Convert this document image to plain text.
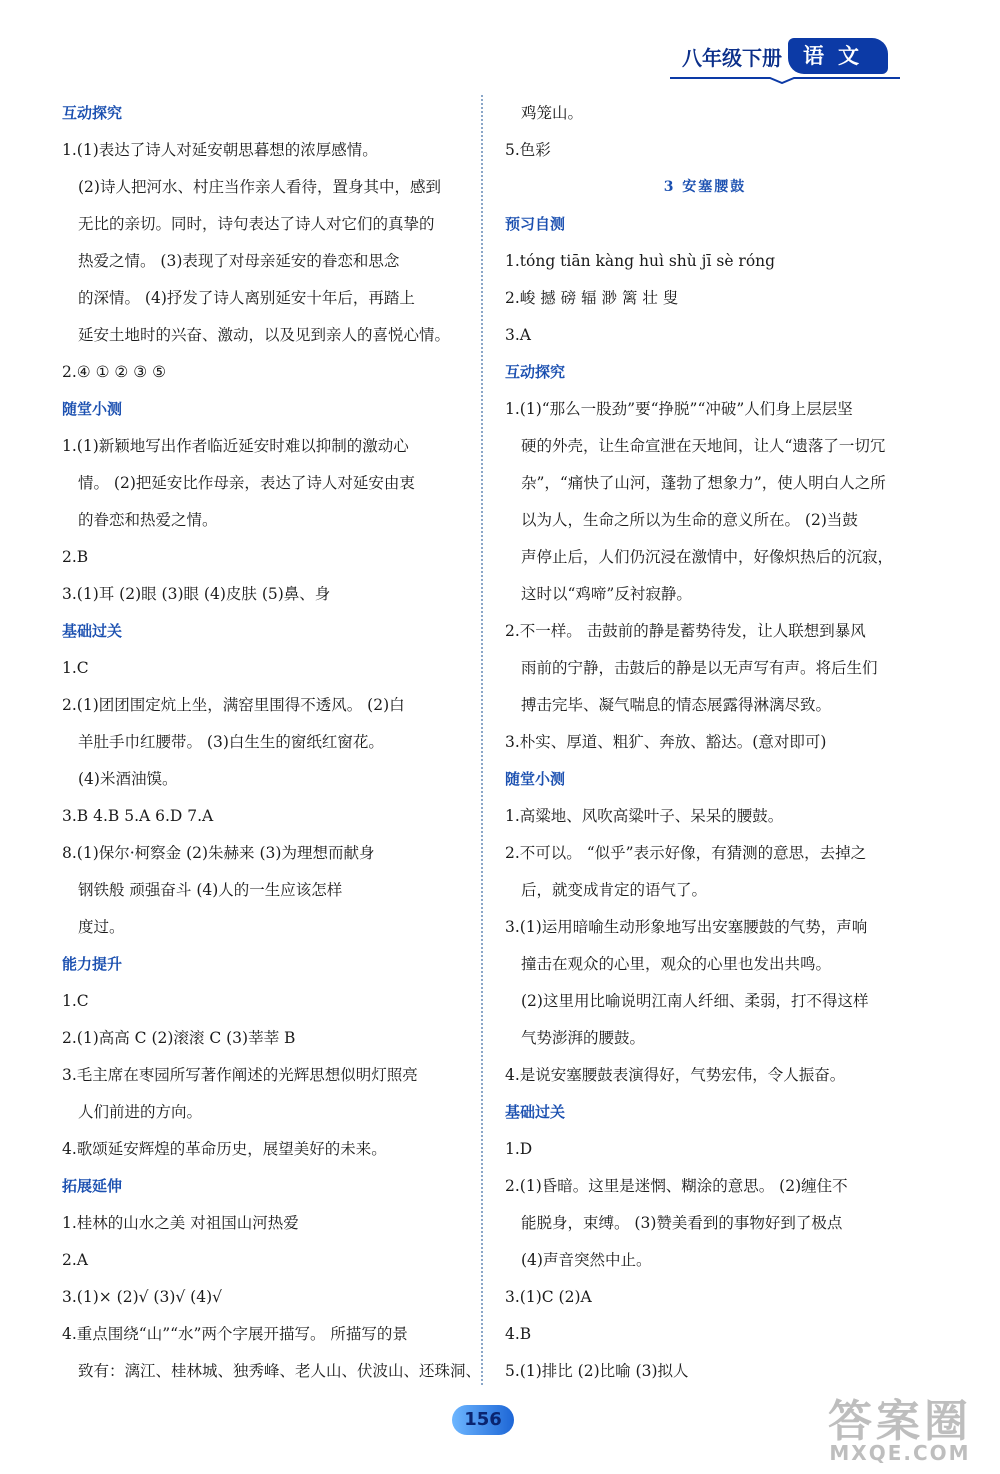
八年级下册	语文
互动探究
1.(1)表达了诗人对延安朝思暮想的浓厚感情。
(2)诗人把河水、村庄当作亲人看待，置身其中，感到
无比的亲切。同时，诗句表达了诗人对它们的真挚的
热爱之情。 (3)表现了对母亲延安的眷恋和思念
的深情。 (4)抒发了诗人离别延安十年后，再踏上
延安土地时的兴奋、激动，以及见到亲人的喜悦心情。
2.④ ① ② ③ ⑤
随堂小测
1.(1)新颖地写出作者临近延安时难以抑制的激动心
情。 (2)把延安比作母亲，表达了诗人对延安由衷
的眷恋和热爱之情。
2.B
3.(1)耳 (2)眼 (3)眼 (4)皮肤 (5)鼻、身
基础过关
1.C
2.(1)团团围定炕上坐，满窑里围得不透风。 (2)白
羊肚手巾红腰带。 (3)白生生的窗纸红窗花。
(4)米酒油馍。
3.B 4.B 5.A 6.D 7.A
8.(1)保尔·柯察金 (2)朱赫来 (3)为理想而献身
钢铁般 顽强奋斗 (4)人的一生应该怎样
度过。
能力提升
1.C
2.(1)高高 C (2)滚滚 C (3)莘莘 B
3.毛主席在枣园所写著作阐述的光辉思想似明灯照亮
人们前进的方向。
4.歌颂延安辉煌的革命历史，展望美好的未来。
拓展延伸
1.桂林的山水之美 对祖国山河热爱
2.A
3.(1)× (2)√ (3)√ (4)√
4.重点围绕“山”“水”两个字展开描写。 所描写的景
致有：漓江、桂林城、独秀峰、老人山、伏波山、还珠洞、
鸡笼山。
5.色彩
3 安塞腰鼓
预习自测
1.tóng tiān kàng huì shù jī sè róng
2.峻 撼 磅 辐 渺 篱 壮 叟
3.A
互动探究
1.(1)“那么一股劲”要“挣脱”“冲破”人们身上层层坚
硬的外壳，让生命宣泄在天地间，让人“遗落了一切冗
杂”，“痛快了山河，蓬勃了想象力”，使人明白人之所
以为人，生命之所以为生命的意义所在。 (2)当鼓
声停止后，人们仍沉浸在激情中，好像炽热后的沉寂，
这时以“鸡啼”反衬寂静。
2.不一样。 击鼓前的静是蓄势待发，让人联想到暴风
雨前的宁静，击鼓后的静是以无声写有声。将后生们
搏击完毕、凝气喘息的情态展露得淋漓尽致。
3.朴实、厚道、粗犷、奔放、豁达。(意对即可)
随堂小测
1.高粱地、风吹高粱叶子、呆呆的腰鼓。
2.不可以。 “似乎”表示好像，有猜测的意思，去掉之
后，就变成肯定的语气了。
3.(1)运用暗喻生动形象地写出安塞腰鼓的气势，声响
撞击在观众的心里，观众的心里也发出共鸣。
(2)这里用比喻说明江南人纤细、柔弱，打不得这样
气势澎湃的腰鼓。
4.是说安塞腰鼓表演得好，气势宏伟，令人振奋。
基础过关
1.D
2.(1)昏暗。这里是迷惘、糊涂的意思。 (2)缠住不
能脱身，束缚。 (3)赞美看到的事物好到了极点
(4)声音突然中止。
3.(1)C (2)A
4.B
5.(1)排比 (2)比喻 (3)拟人
156	答案圈
MXQE.COM
